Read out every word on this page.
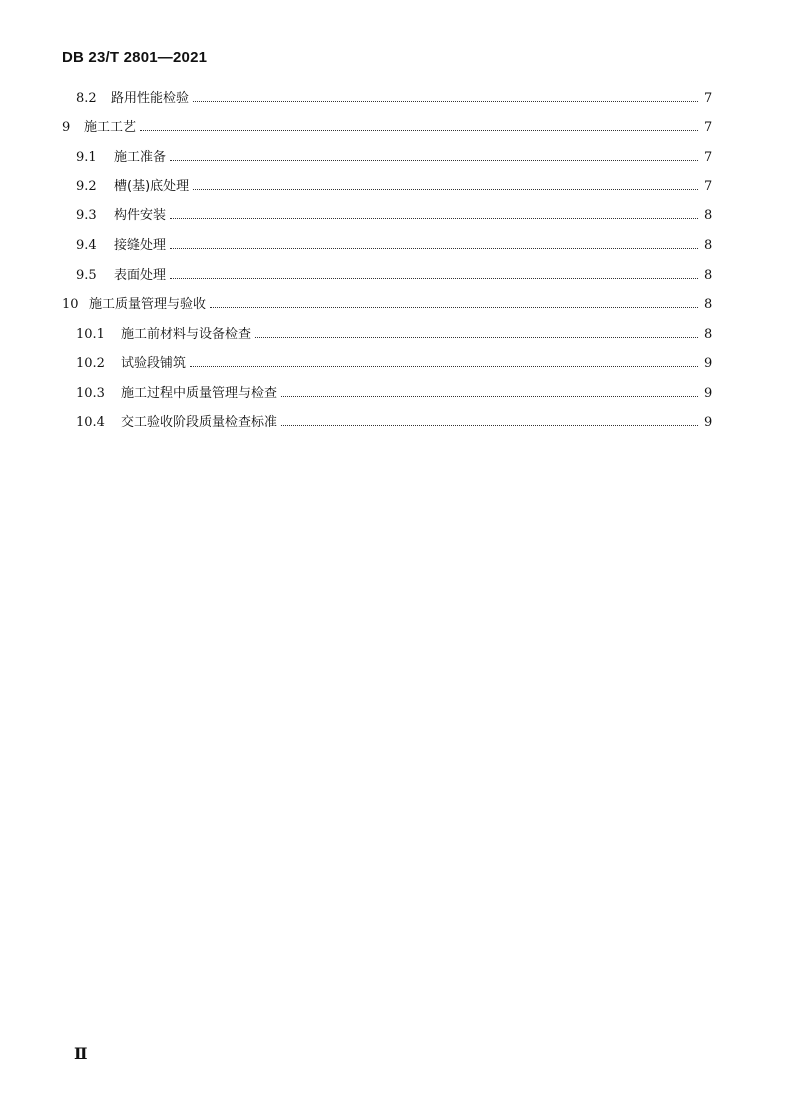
DB 23/T 2801—2021
8.2	路用性能检验	7
9	施工工艺	7
9.1	施工准备	7
9.2	槽(基)底处理	7
9.3	构件安装	8
9.4	接缝处理	8
9.5	表面处理	8
10 施工质量管理与验收	8
10.1	施工前材料与设备检查	8
10.2	试验段铺筑	9
10.3	施工过程中质量管理与检查	9
10.4	交工验收阶段质量检查标准	9
Ⅱ
